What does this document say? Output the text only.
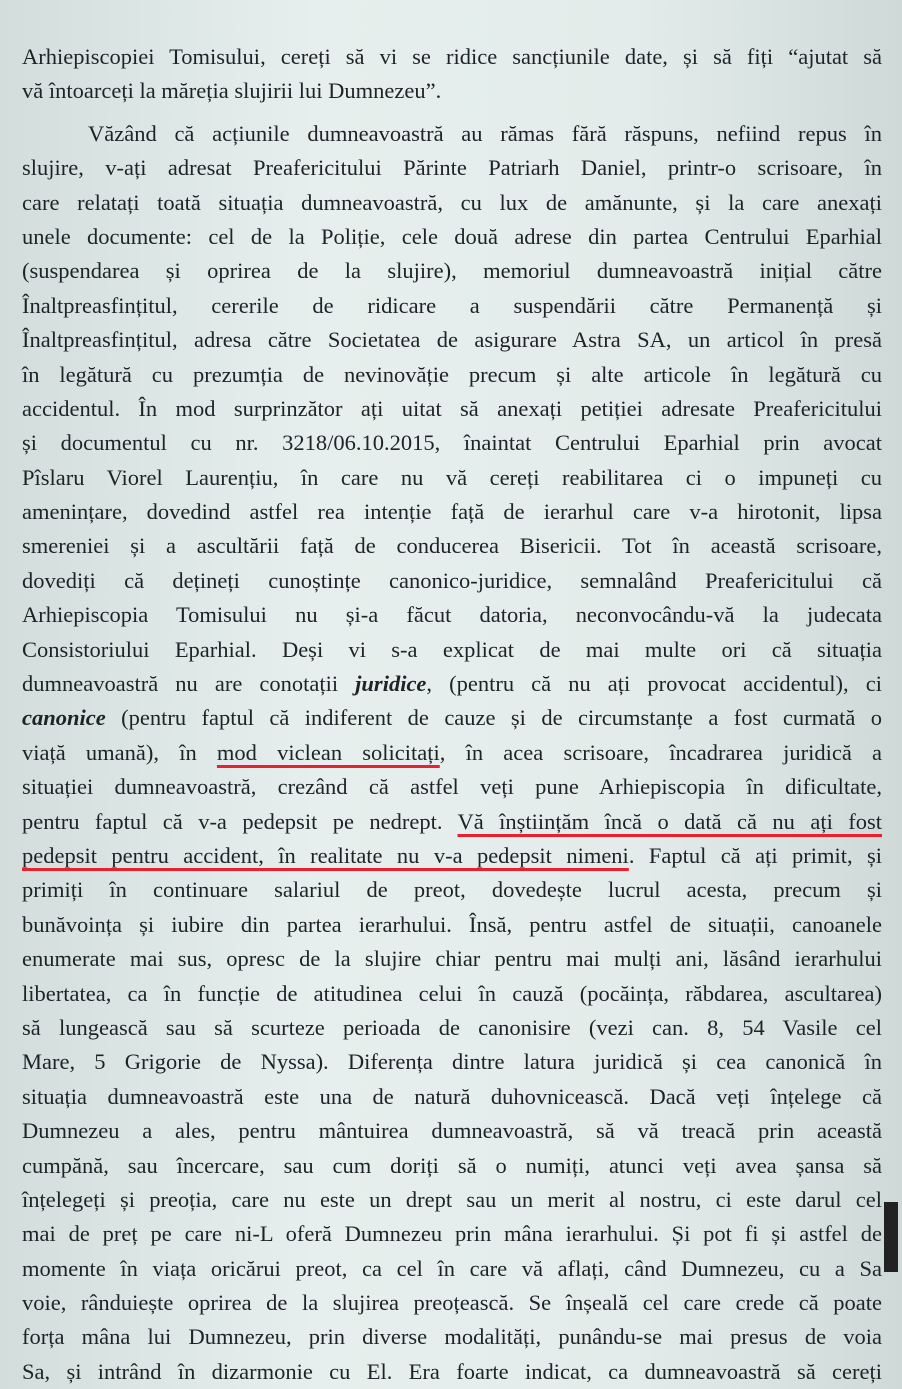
Arhiepiscopiei Tomisului, cereți să vi se ridice sancțiunile date, și să fiți “ajutat să
vă întoarceți la măreția slujirii lui Dumnezeu”.
Văzând că acțiunile dumneavoastră au rămas fără răspuns, nefiind repus în
slujire, v-ați adresat Preafericitului Părinte Patriarh Daniel, printr-o scrisoare, în
care relatați toată situația dumneavoastră, cu lux de amănunte, și la care anexați
unele documente: cel de la Poliție, cele două adrese din partea Centrului Eparhial
(suspendarea și oprirea de la slujire), memoriul dumneavoastră inițial către
Înaltpreasfințitul, cererile de ridicare a suspendării către Permanență și
Înaltpreasfințitul, adresa către Societatea de asigurare Astra SA, un articol în presă
în legătură cu prezumția de nevinovăție precum și alte articole în legătură cu
accidentul. În mod surprinzător ați uitat să anexați petiției adresate Preafericitului
și documentul cu nr. 3218/06.10.2015, înaintat Centrului Eparhial prin avocat
Pîslaru Viorel Laurențiu, în care nu vă cereți reabilitarea ci o impuneți cu
amenințare, dovedind astfel rea intenție față de ierarhul care v-a hirotonit, lipsa
smereniei și a ascultării față de conducerea Bisericii. Tot în această scrisoare,
dovediți că dețineți cunoștințe canonico-juridice, semnalând Preafericitului că
Arhiepiscopia Tomisului nu și-a făcut datoria, neconvocându-vă la judecata
Consistoriului Eparhial. Deși vi s-a explicat de mai multe ori că situația
dumneavoastră nu are conotații juridice, (pentru că nu ați provocat accidentul), ci
canonice (pentru faptul că indiferent de cauze și de circumstanțe a fost curmată o
viață umană), în mod viclean solicitați, în acea scrisoare, încadrarea juridică a
situației dumneavoastră, crezând că astfel veți pune Arhiepiscopia în dificultate,
pentru faptul că v-a pedepsit pe nedrept. Vă înștiințăm încă o dată că nu ați fost
pedepsit pentru accident, în realitate nu v-a pedepsit nimeni. Faptul că ați primit, și
primiți în continuare salariul de preot, dovedește lucrul acesta, precum și
bunăvoința și iubire din partea ierarhului. Însă, pentru astfel de situații, canoanele
enumerate mai sus, opresc de la slujire chiar pentru mai mulți ani, lăsând ierarhului
libertatea, ca în funcție de atitudinea celui în cauză (pocăința, răbdarea, ascultarea)
să lungească sau să scurteze perioada de canonisire (vezi can. 8, 54 Vasile cel
Mare, 5 Grigorie de Nyssa). Diferența dintre latura juridică și cea canonică în
situația dumneavoastră este una de natură duhovnicească. Dacă veți înțelege că
Dumnezeu a ales, pentru mântuirea dumneavoastră, să vă treacă prin această
cumpănă, sau încercare, sau cum doriți să o numiți, atunci veți avea șansa să
înțelegeți și preoția, care nu este un drept sau un merit al nostru, ci este darul cel
mai de preț pe care ni-L oferă Dumnezeu prin mâna ierarhului. Și pot fi și astfel de
momente în viața oricărui preot, ca cel în care vă aflați, când Dumnezeu, cu a Sa
voie, rânduiește oprirea de la slujirea preoțească. Se înșeală cel care crede că poate
forța mâna lui Dumnezeu, prin diverse modalități, punându-se mai presus de voia
Sa, și intrând în dizarmonie cu El. Era foarte indicat, ca dumneavoastră să cereți
